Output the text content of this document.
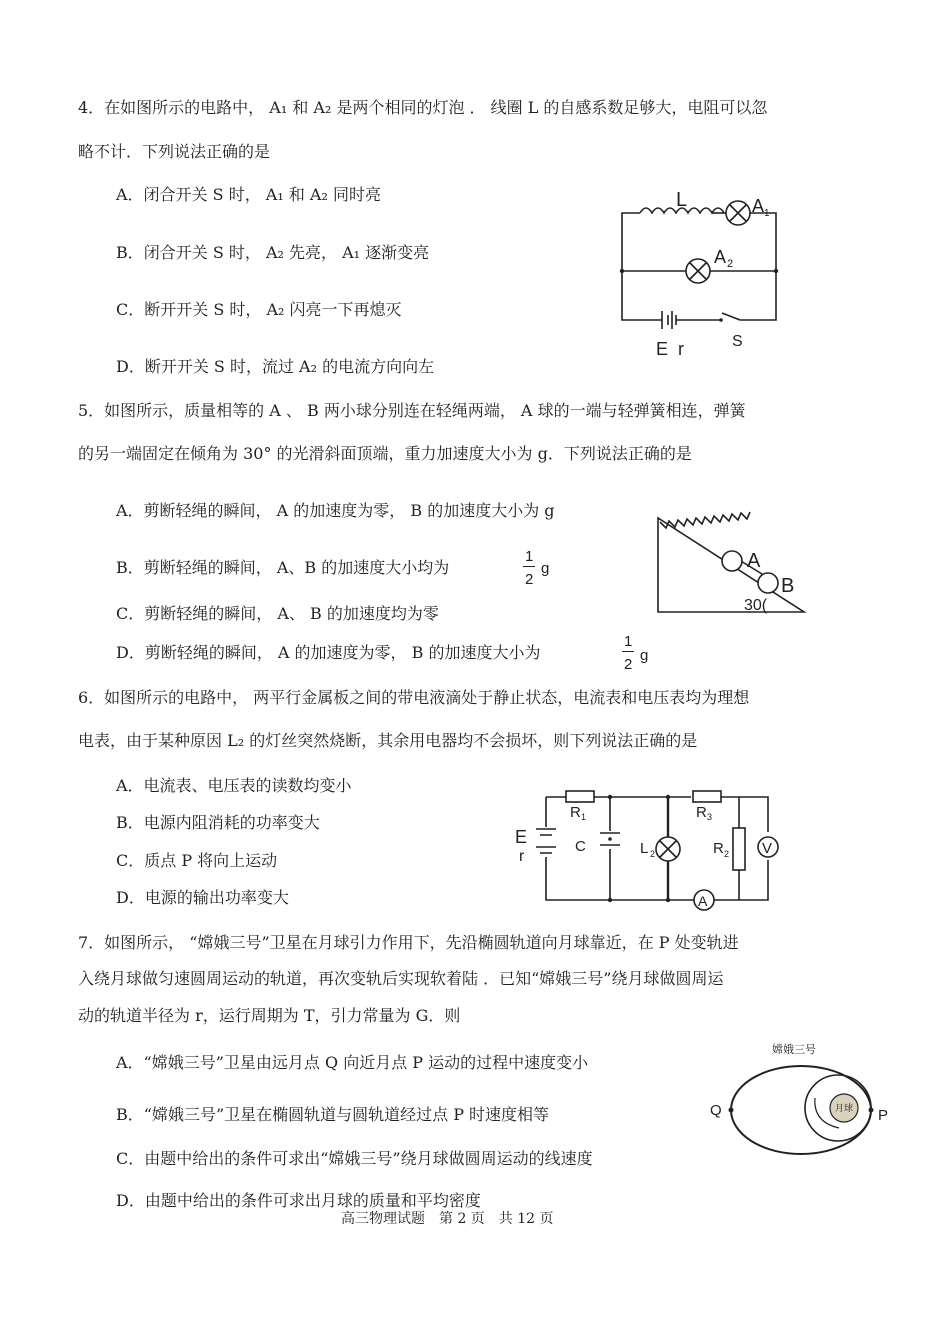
4．在如图所示的电路中， A₁ 和 A₂ 是两个相同的灯泡 ． 线圈 L 的自感系数足够大，电阻可以忽
略不计．下列说法正确的是
A．闭合开关 S 时， A₁ 和 A₂ 同时亮
B．闭合开关 S 时， A₂ 先亮， A₁ 逐渐变亮
C．断开开关 S 时， A₂ 闪亮一下再熄灭
D．断开开关 S 时，流过 A₂ 的电流方向向左
L	A 1
A 2
E r	S
5．如图所示，质量相等的 A 、 B 两小球分别连在轻绳两端， A 球的一端与轻弹簧相连，弹簧
的另一端固定在倾角为 30° 的光滑斜面顶端，重力加速度大小为 g．下列说法正确的是
A．剪断轻绳的瞬间， A 的加速度为零， B 的加速度大小为 g
B．剪断轻绳的瞬间， A、B 的加速度大小均为
1
2
g
C．剪断轻绳的瞬间， A、 B 的加速度均为零
D．剪断轻绳的瞬间， A 的加速度为零， B 的加速度大小为
1
2
g
A
B
30(
6．如图所示的电路中， 两平行金属板之间的带电液滴处于静止状态，电流表和电压表均为理想
电表，由于某种原因 L₂ 的灯丝突然烧断，其余用电器均不会损坏，则下列说法正确的是
A．电流表、电压表的读数均变小
B．电源内阻消耗的功率变大
C．质点 P 将向上运动
D．电源的输出功率变大
E
r
R 1	R 3
C	L 2	R 2 V
A
7．如图所示， “嫦娥三号”卫星在月球引力作用下，先沿椭圆轨道向月球靠近，在 P 处变轨进
入绕月球做匀速圆周运动的轨道，再次变轨后实现软着陆 ．已知“嫦娥三号”绕月球做圆周运
动的轨道半径为 r，运行周期为 T，引力常量为 G．则
A．“嫦娥三号”卫星由远月点 Q 向近月点 P 运动的过程中速度变小
B．“嫦娥三号”卫星在椭圆轨道与圆轨道经过点 P 时速度相等
C．由题中给出的条件可求出“嫦娥三号”绕月球做圆周运动的线速度
D．由题中给出的条件可求出月球的质量和平均密度
嫦娥三号
Q	P
月球
高三物理试题　第 2 页　共 12 页
